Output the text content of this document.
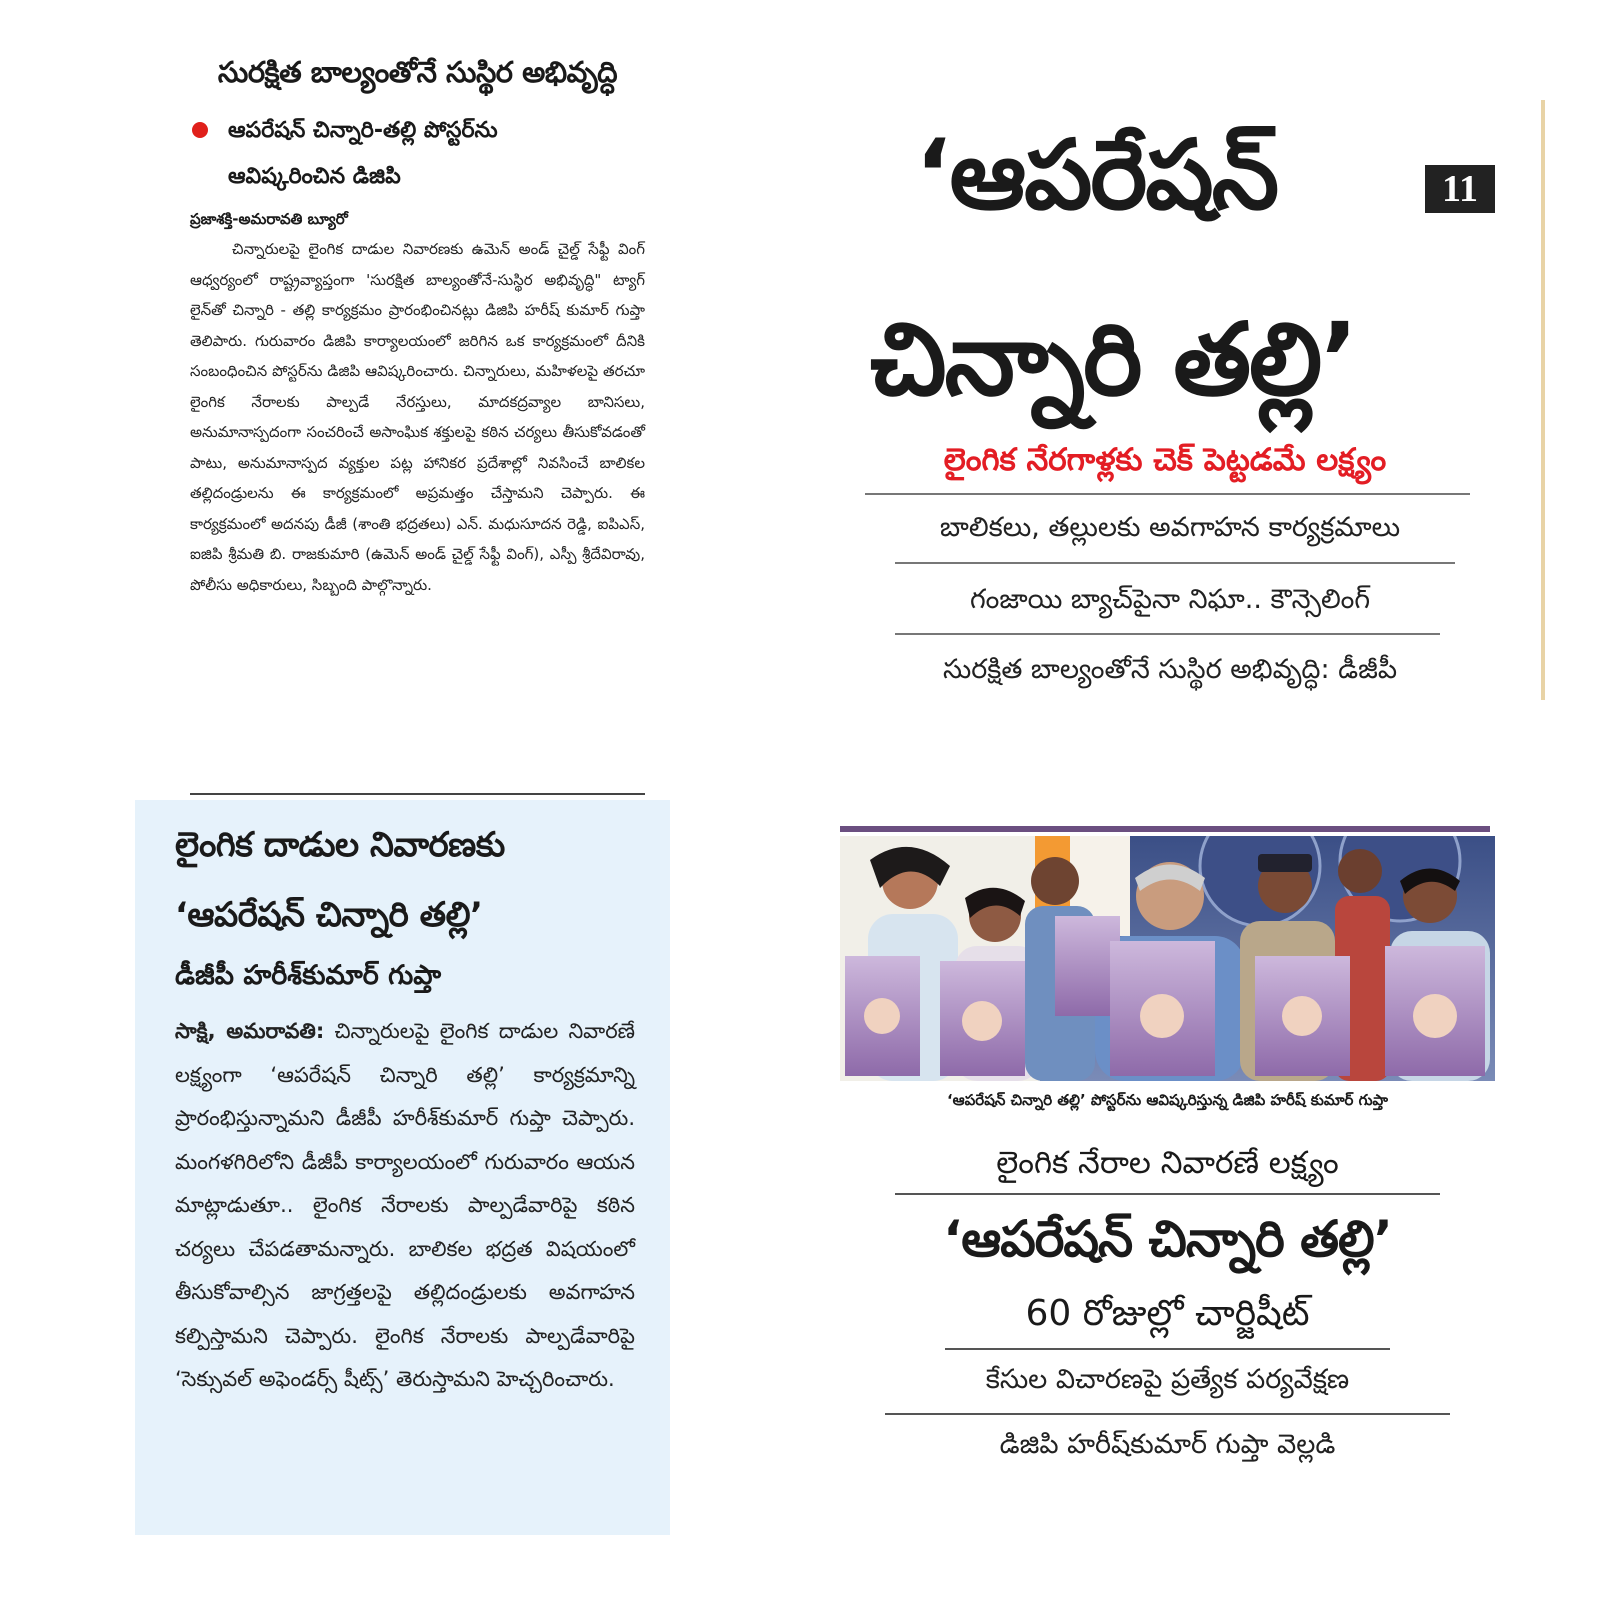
సురక్షిత బాల్యంతోనే సుస్థిర అభివృద్ధి
ఆపరేషన్ చిన్నారి-తల్లి పోస్టర్‌ను ఆవిష్కరించిన డిజిపి
ప్రజాశక్తి-అమరావతి బ్యూరో
చిన్నారులపై లైంగిక దాడుల నివారణకు ఉమెన్ అండ్ చైల్డ్ సేఫ్టీ వింగ్ ఆధ్వర్యంలో రాష్ట్రవ్యాప్తంగా 'సురక్షిత బాల్యంతోనే-సుస్థిర అభివృద్ధి" ట్యాగ్ లైన్‌తో చిన్నారి - తల్లి కార్యక్రమం ప్రారంభించినట్లు డిజిపి హరీష్ కుమార్ గుప్తా తెలిపారు. గురువారం డిజిపి కార్యాలయంలో జరిగిన ఒక కార్యక్రమంలో దీనికి సంబంధించిన పోస్టర్‌ను డిజిపి ఆవిష్కరించారు. చిన్నారులు, మహిళలపై తరచూ లైంగిక నేరాలకు పాల్పడే నేరస్తులు, మాదకద్రవ్యాల బానిసలు, అనుమానాస్పదంగా సంచరించే అసాంఘిక శక్తులపై కఠిన చర్యలు తీసుకోవడంతో పాటు, అనుమానాస్పద వ్యక్తుల పట్ల హానికర ప్రదేశాల్లో నివసించే బాలికల తల్లిదండ్రులను ఈ కార్యక్రమంలో అప్రమత్తం చేస్తామని చెప్పారు. ఈ కార్యక్రమంలో అదనపు డీజీ (శాంతి భద్రతలు) ఎన్. మధుసూదన రెడ్డి, ఐపిఎస్, ఐజిపి శ్రీమతి బి. రాజకుమారి (ఉమెన్ అండ్ చైల్డ్ సేఫ్టీ వింగ్), ఎస్పీ శ్రీదేవిరావు, పోలీసు అధికారులు, సిబ్బంది పాల్గొన్నారు.
‘ఆపరేషన్	11
చిన్నారి తల్లి’
లైంగిక నేరగాళ్లకు చెక్ పెట్టడమే లక్ష్యం
బాలికలు, తల్లులకు అవగాహన కార్యక్రమాలు
గంజాయి బ్యాచ్‌పైనా నిఘా.. కౌన్సెలింగ్
సురక్షిత బాల్యంతోనే సుస్థిర అభివృద్ధి: డీజీపీ
లైంగిక దాడుల నివారణకు
‘ఆపరేషన్ చిన్నారి తల్లి’
డీజీపీ హరీశ్‌కుమార్ గుప్తా
సాక్షి, అమరావతి: చిన్నారులపై లైంగిక దాడుల నివారణే లక్ష్యంగా ‘ఆపరేషన్ చిన్నారి తల్లి’ కార్యక్రమాన్ని ప్రారంభిస్తున్నామని డీజీపీ హరీశ్‌కుమార్ గుప్తా చెప్పారు. మంగళగిరిలోని డీజీపీ కార్యాలయంలో గురువారం ఆయన మాట్లాడుతూ.. లైంగిక నేరాలకు పాల్పడేవారిపై కఠిన చర్యలు చేపడతామన్నారు. బాలికల భద్రత విషయంలో తీసుకోవాల్సిన జాగ్రత్తలపై తల్లిదండ్రులకు అవగాహన కల్పిస్తామని చెప్పారు. లైంగిక నేరాలకు పాల్పడేవారిపై ‘సెక్సువల్ అఫెండర్స్ షీట్స్’ తెరుస్తామని హెచ్చరించారు.
‘ఆపరేషన్ చిన్నారి తల్లి’ పోస్టర్‌ను ఆవిష్కరిస్తున్న డిజిపి హరీష్ కుమార్ గుప్తా
లైంగిక నేరాల నివారణే లక్ష్యం
‘ఆపరేషన్ చిన్నారి తల్లి’
60 రోజుల్లో చార్జిషీట్
కేసుల విచారణపై ప్రత్యేక పర్యవేక్షణ
డిజిపి హరీష్‌కుమార్ గుప్తా వెల్లడి
